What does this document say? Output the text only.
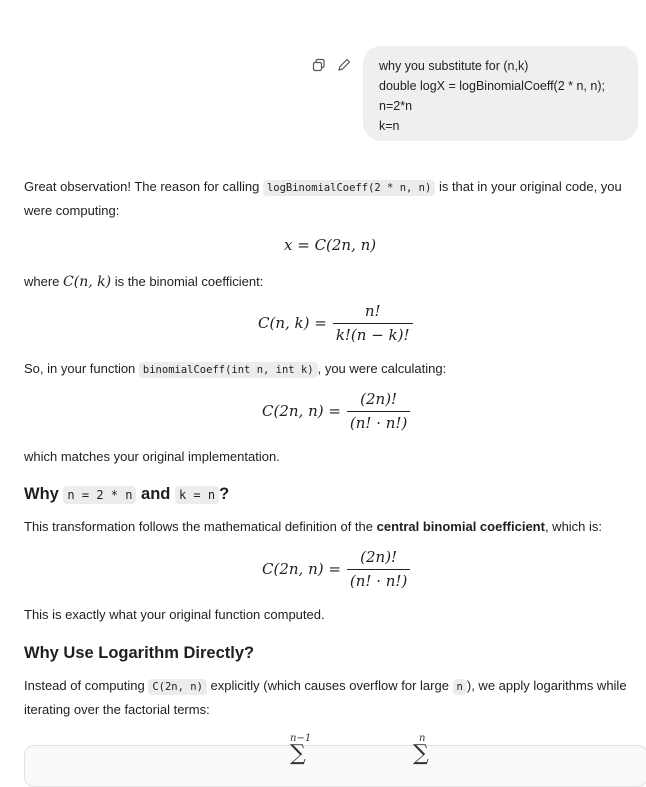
why you substitute for (n,k)
double logX = logBinomialCoeff(2 * n, n);
n=2*n
k=n
Great observation! The reason for calling logBinomialCoeff(2 * n, n) is that in your original code, you were computing:
x = C(2n, n)
where C(n, k) is the binomial coefficient:
C(n, $k) = \frac{n!}{k!(n - k)!}$
So, in your function binomialCoeff(int n, int k) , you were calculating:
C(2n, $n) = \frac{(2n)!}{(n! \cdot n!)}$
which matches your original implementation.
Why n = 2 * n and k = n ?
This transformation follows the mathematical definition of the central binomial coefficient, which is:
C(2n, $n) = \frac{(2n)!}{(n! \cdot n!)}$
This is exactly what your original function computed.
Why Use Logarithm Directly?
Instead of computing C(2n, n) explicitly (which causes overflow for large n ), we apply logarithms while iterating over the factorial terms:
n−1
∑
n
∑
